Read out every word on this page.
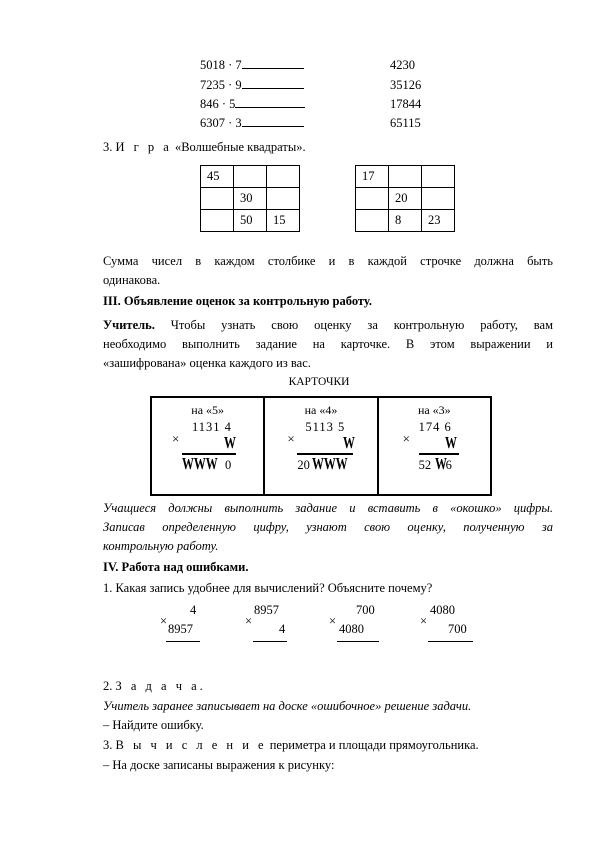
5018 · 7	4230
7235 · 9	35126
846 · 5	17844
6307 · 3	65115
3. И г р а «Волшебные квадраты».
45		
	30	
	50	15
17		
	20	
	8	23
Сумма чисел в каждом столбике и в каждой строчке должна быть
одинакова.
III. Объявление оценок за контрольную работу.
Учитель. Чтобы узнать свою оценку за контрольную работу, вам
необходимо выполнить задание на карточке. В этом выражении и
«зашифрована» оценка каждого из вас.
КАРТОЧКИ
на «5»
1131 4
×	W
WWW 0
на «4»
5113 5
×	W
20 WWW
на «3»
174 6
× W
52 W 6
Учащиеся должны выполнить задание и вставить в «окошко» цифры.
Записав определенную цифру, узнают свою оценку, полученную за
контрольную работу.
IV. Работа над ошибками.
1. Какая запись удобнее для вычислений? Объясните почему?
4
×
8957
8957
×
4
700
×
4080
4080
×
700
2. З а д а ч а.
Учитель заранее записывает на доске «ошибочное» решение задачи.
– Найдите ошибку.
3. В ы ч и с л е н и е периметра и площади прямоугольника.
– На доске записаны выражения к рисунку:
